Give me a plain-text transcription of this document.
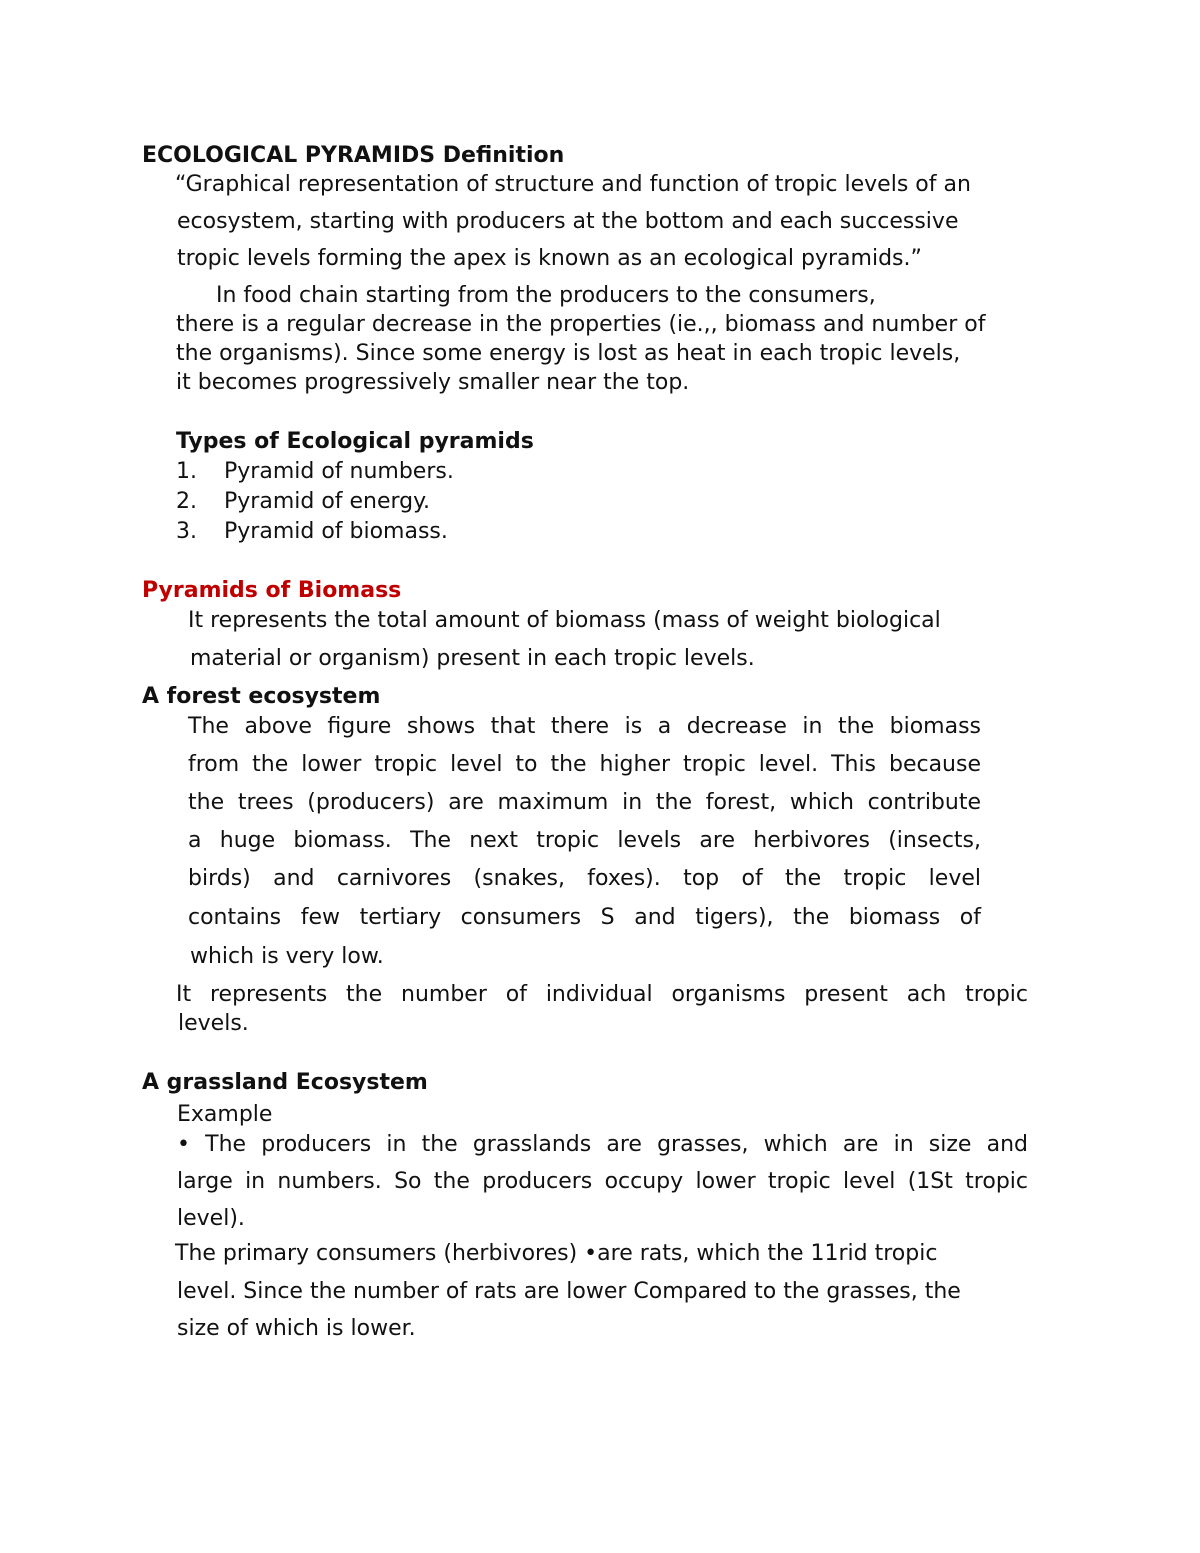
ECOLOGICAL PYRAMIDS Definition
“Graphical representation of structure and function of tropic levels of an
ecosystem, starting with producers at the bottom and each successive
tropic levels forming the apex is known as an ecological pyramids.”
In food chain starting from the producers to the consumers,
there is a regular decrease in the properties (ie.,, biomass and number of
the organisms). Since some energy is lost as heat in each tropic levels,
it becomes progressively smaller near the top.
Types of Ecological pyramids
1. Pyramid of numbers.
2. Pyramid of energy.
3. Pyramid of biomass.
Pyramids of Biomass
It represents the total amount of biomass (mass of weight biological
material or organism) present in each tropic levels.
A forest ecosystem
The above figure shows that there is a decrease in the biomass
from the lower tropic level to the higher tropic level. This because
the trees (producers) are maximum in the forest, which contribute
a huge biomass. The next tropic levels are herbivores (insects,
birds) and carnivores (snakes, foxes). top of the tropic level
contains few tertiary consumers S and tigers), the biomass of
which is very low.
It represents the number of individual organisms present ach tropic
levels.
A grassland Ecosystem
Example
• The producers in the grasslands are grasses, which are in size and
large in numbers. So the producers occupy lower tropic level (1St tropic
level).
The primary consumers (herbivores) •are rats, which the 11rid tropic
level. Since the number of rats are lower Compared to the grasses, the
size of which is lower.
